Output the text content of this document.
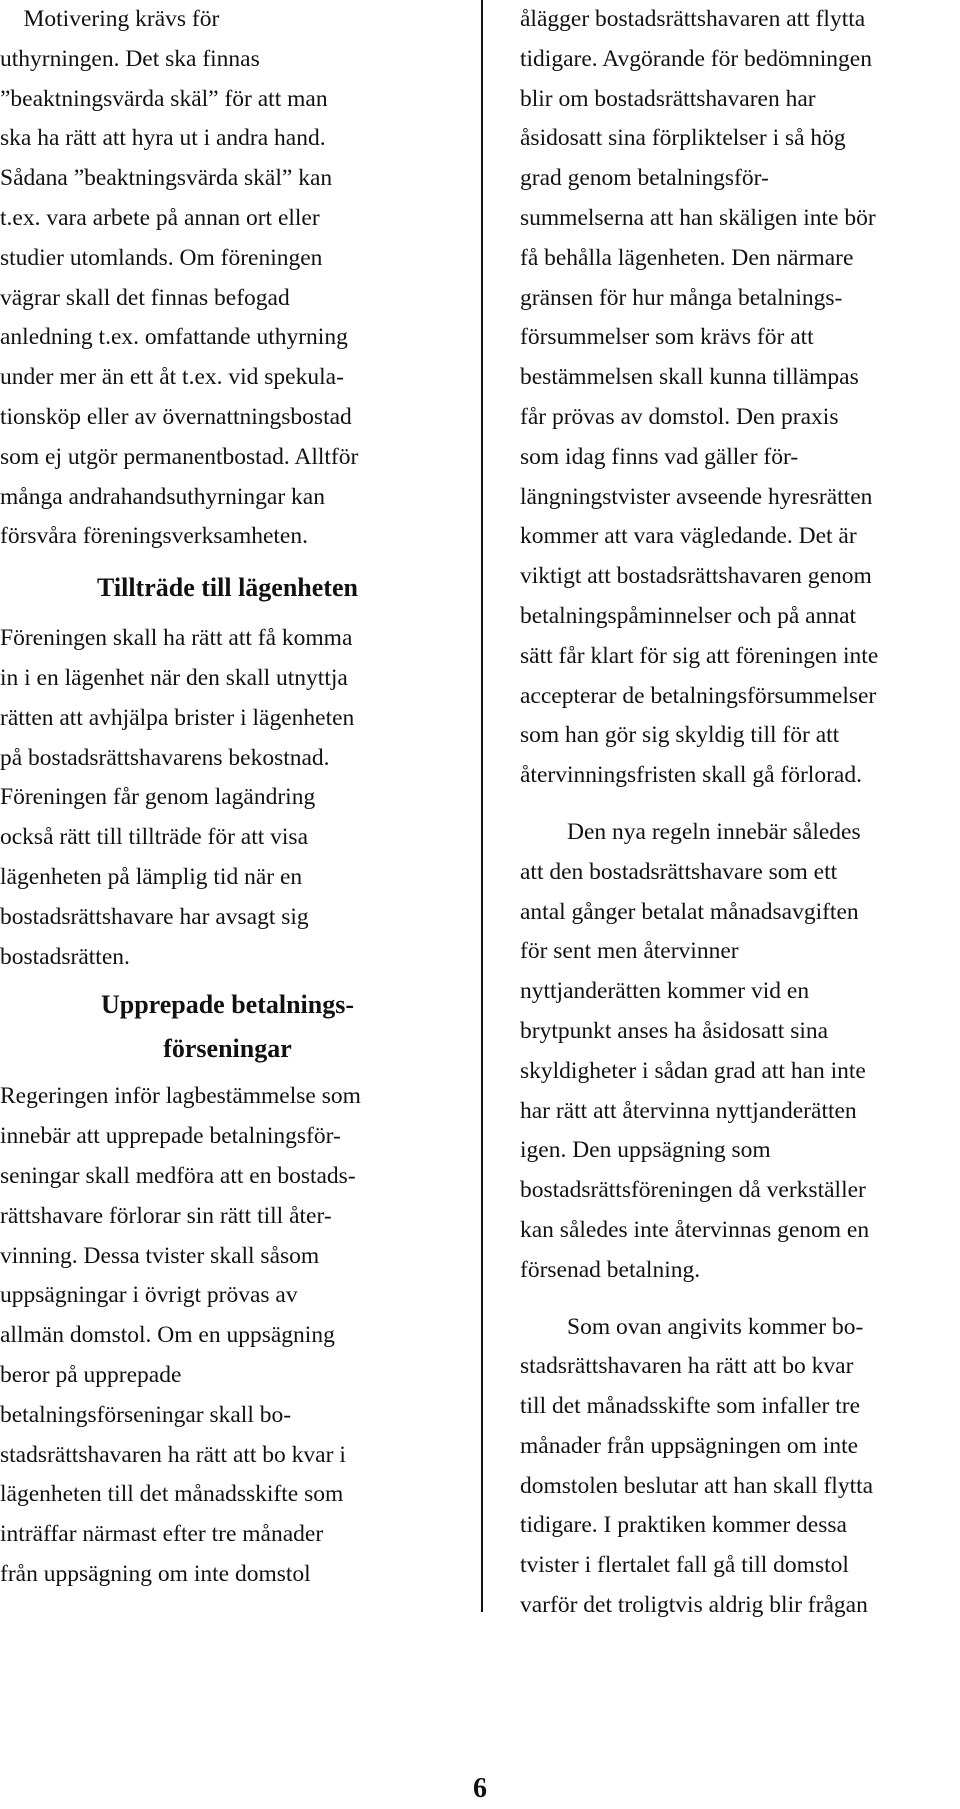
Motivering krävs för
uthyrningen. Det ska finnas
”beaktningsvärda skäl” för att man
ska ha rätt att hyra ut i andra hand.
Sådana ”beaktningsvärda skäl” kan
t.ex. vara arbete på annan ort eller
studier utomlands. Om föreningen
vägrar skall det finnas befogad
anledning t.ex. omfattande uthyrning
under mer än ett åt t.ex. vid spekula-
tionsköp eller av övernattningsbostad
som ej utgör permanentbostad. Alltför
många andrahandsuthyrningar kan
försvåra föreningsverksamheten.
Tillträde till lägenheten
Föreningen skall ha rätt att få komma
in i en lägenhet när den skall utnyttja
rätten att avhjälpa brister i lägenheten
på bostadsrättshavarens bekostnad.
Föreningen får genom lagändring
också rätt till tillträde för att visa
lägenheten på lämplig tid när en
bostadsrättshavare har avsagt sig
bostadsrätten.
Upprepade betalnings-
förseningar
Regeringen inför lagbestämmelse som
innebär att upprepade betalningsför-
seningar skall medföra att en bostads-
rättshavare förlorar sin rätt till åter-
vinning. Dessa tvister skall såsom
uppsägningar i övrigt prövas av
allmän domstol. Om en uppsägning
beror på upprepade
betalningsförseningar skall bo-
stadsrättshavaren ha rätt att bo kvar i
lägenheten till det månadsskifte som
inträffar närmast efter tre månader
från uppsägning om inte domstol
ålägger bostadsrättshavaren att flytta
tidigare. Avgörande för bedömningen
blir om bostadsrättshavaren har
åsidosatt sina förpliktelser i så hög
grad genom betalningsför-
summelserna att han skäligen inte bör
få behålla lägenheten. Den närmare
gränsen för hur många betalnings-
försummelser som krävs för att
bestämmelsen skall kunna tillämpas
får prövas av domstol. Den praxis
som idag finns vad gäller för-
längningstvister avseende hyresrätten
kommer att vara vägledande. Det är
viktigt att bostadsrättshavaren genom
betalningspåminnelser och på annat
sätt får klart för sig att föreningen inte
accepterar de betalningsförsummelser
som han gör sig skyldig till för att
återvinningsfristen skall gå förlorad.
Den nya regeln innebär således
att den bostadsrättshavare som ett
antal gånger betalat månadsavgiften
för sent men återvinner
nyttjanderätten kommer vid en
brytpunkt anses ha åsidosatt sina
skyldigheter i sådan grad att han inte
har rätt att återvinna nyttjanderätten
igen. Den uppsägning som
bostadsrättsföreningen då verkställer
kan således inte återvinnas genom en
försenad betalning.
Som ovan angivits kommer bo-
stadsrättshavaren ha rätt att bo kvar
till det månadsskifte som infaller tre
månader från uppsägningen om inte
domstolen beslutar att han skall flytta
tidigare. I praktiken kommer dessa
tvister i flertalet fall gå till domstol
varför det troligtvis aldrig blir frågan
6
